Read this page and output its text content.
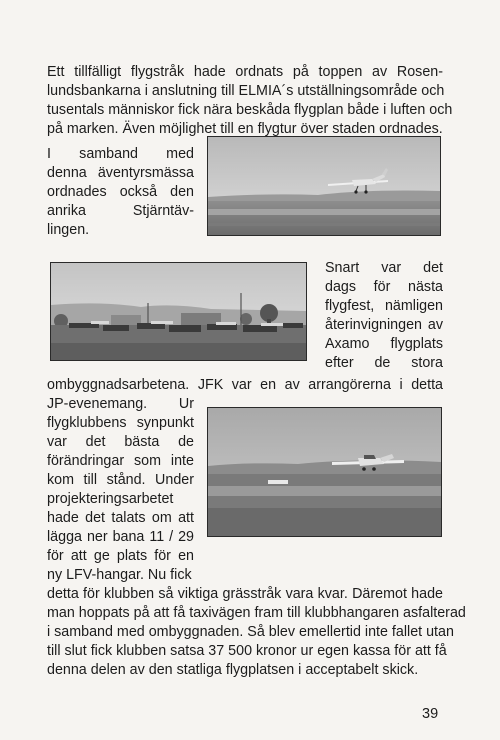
Ett tillfälligt flygstråk hade ordnats på toppen av Rosen-
lundsbankarna i anslutning till ELMIA´s utställningsområde och
tusentals människor fick nära beskåda flygplan både i luften och
på marken. Även möjlighet till en flygtur över staden ordnades.
I samband med
denna äventyrsmässa
ordnades också den
anrika Stjärntäv-
lingen.
Snart var det
dags för nästa
flygfest, nämligen
återinvigningen av
Axamo flygplats
efter de stora
ombyggnadsarbetena. JFK var en av arrangörerna i detta
JP-evenemang. Ur
flygklubbens synpunkt
var det bästa de
förändringar som inte
kom till stånd. Under
projekteringsarbetet
hade det talats om att
lägga ner bana 11 / 29
för att ge plats för en
ny LFV-hangar. Nu fick
detta för klubben så viktiga grässtråk vara kvar. Däremot hade
man hoppats på att få taxivägen fram till klubbhangaren asfalterad
i samband med ombyggnaden. Så blev emellertid inte fallet utan
till slut fick klubben satsa 37 500 kronor ur egen kassa för att få
denna delen av den statliga flygplatsen i acceptabelt skick.
39
